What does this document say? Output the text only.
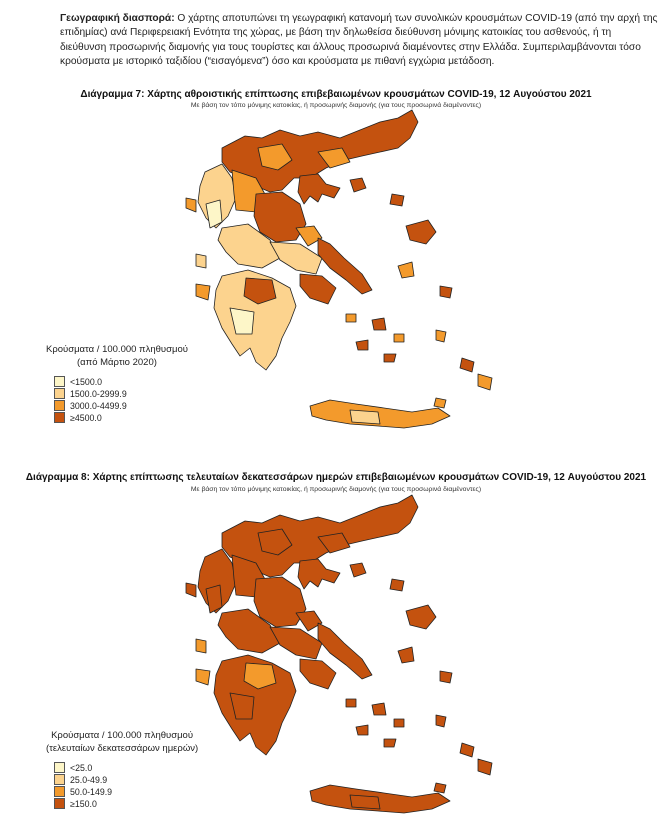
Γεωγραφική διασπορά: Ο χάρτης αποτυπώνει τη γεωγραφική κατανομή των συνολικών κρουσμάτων COVID-19 (από την αρχή της επιδημίας) ανά Περιφερειακή Ενότητα της χώρας, με βάση την δηλωθείσα διεύθυνση μόνιμης κατοικίας του ασθενούς, ή τη διεύθυνση προσωρινής διαμονής για τους τουρίστες και άλλους προσωρινά διαμένοντες στην Ελλάδα. Συμπεριλαμβάνονται τόσο κρούσματα με ιστορικό ταξιδίου (“εισαγόμενα”) όσο και κρούσματα με πιθανή εγχώρια μετάδοση.
Διάγραμμα 7: Χάρτης αθροιστικής επίπτωσης επιβεβαιωμένων κρουσμάτων COVID-19, 12 Αυγούστου 2021
Με βάση τον τόπο μόνιμης κατοικίας, ή προσωρινής διαμονής (για τους προσωρινά διαμένοντες)
Κρούσματα / 100.000 πληθυσμού
(από Μάρτιο 2020)
<1500.0
1500.0-2999.9
3000.0-4499.9
≥4500.0
Διάγραμμα 8: Χάρτης επίπτωσης τελευταίων δεκατεσσάρων ημερών επιβεβαιωμένων κρουσμάτων COVID-19, 12 Αυγούστου 2021
Με βάση τον τόπο μόνιμης κατοικίας, ή προσωρινής διαμονής (για τους προσωρινά διαμένοντες)
Κρούσματα / 100.000 πληθυσμού
(τελευταίων δεκατεσσάρων ημερών)
<25.0
25.0-49.9
50.0-149.9
≥150.0
